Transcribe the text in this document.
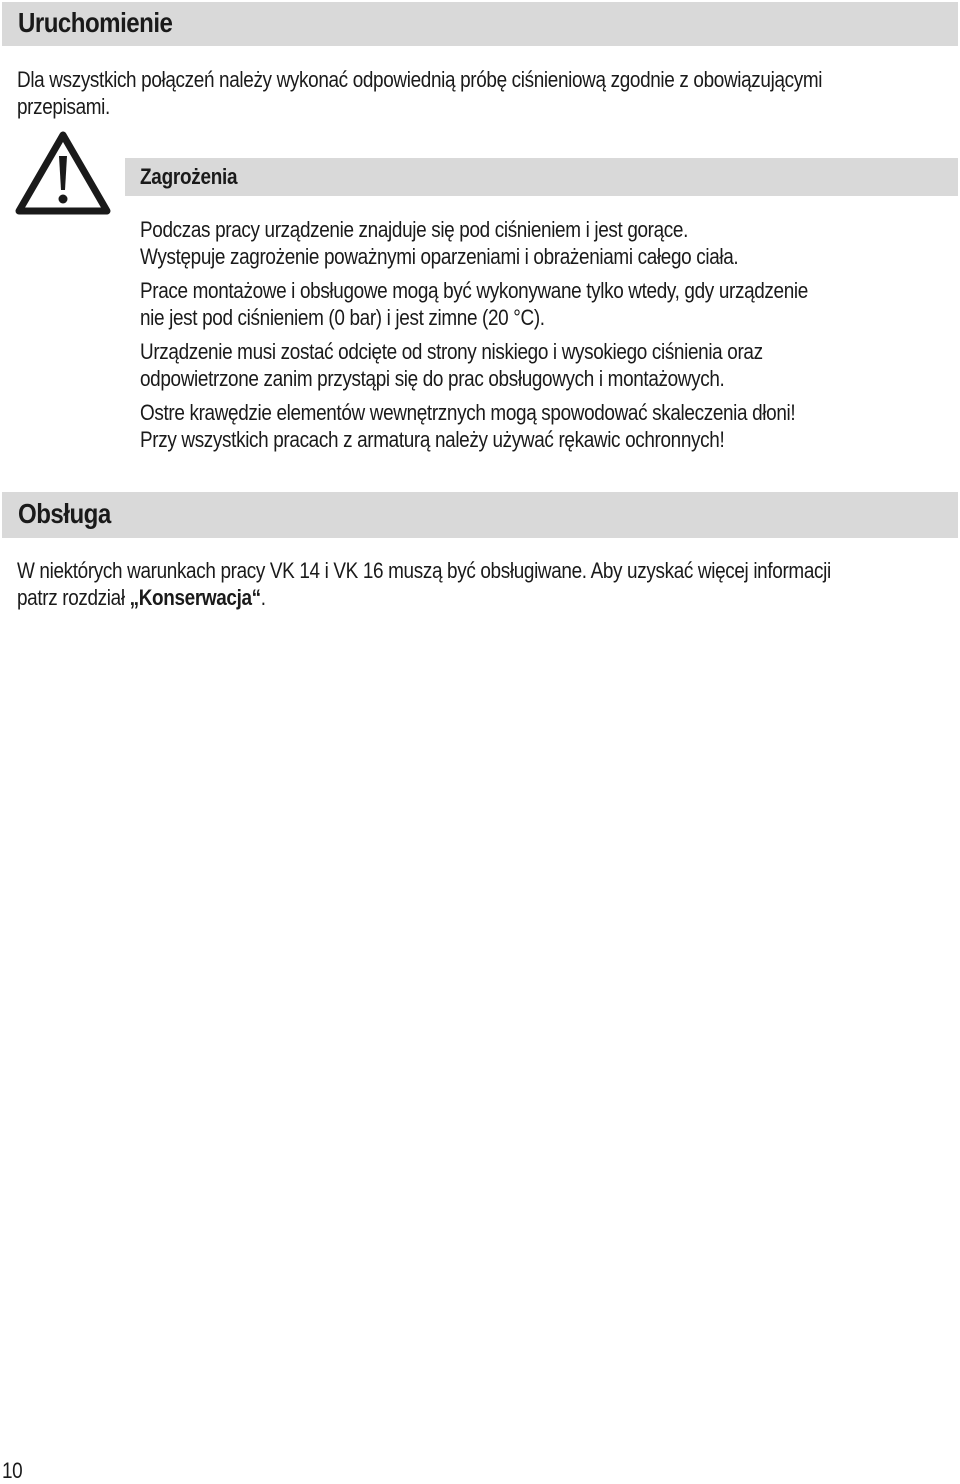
Uruchomienie
Dla wszystkich połączeń należy wykonać odpowiednią próbę ciśnieniową zgodnie z obowiązującymi
przepisami.
Zagrożenia
Podczas pracy urządzenie znajduje się pod ciśnieniem i jest gorące.
Występuje zagrożenie poważnymi oparzeniami i obrażeniami całego ciała.
Prace montażowe i obsługowe mogą być wykonywane tylko wtedy, gdy urządzenie
nie jest pod ciśnieniem (0 bar) i jest zimne (20 °C).
Urządzenie musi zostać odcięte od strony niskiego i wysokiego ciśnienia oraz
odpowietrzone zanim przystąpi się do prac obsługowych i montażowych.
Ostre krawędzie elementów wewnętrznych mogą spowodować skaleczenia dłoni!
Przy wszystkich pracach z armaturą należy używać rękawic ochronnych!
Obsługa
W niektórych warunkach pracy VK 14 i VK 16 muszą być obsługiwane. Aby uzyskać więcej informacji
patrz rozdział „Konserwacja“.
10
